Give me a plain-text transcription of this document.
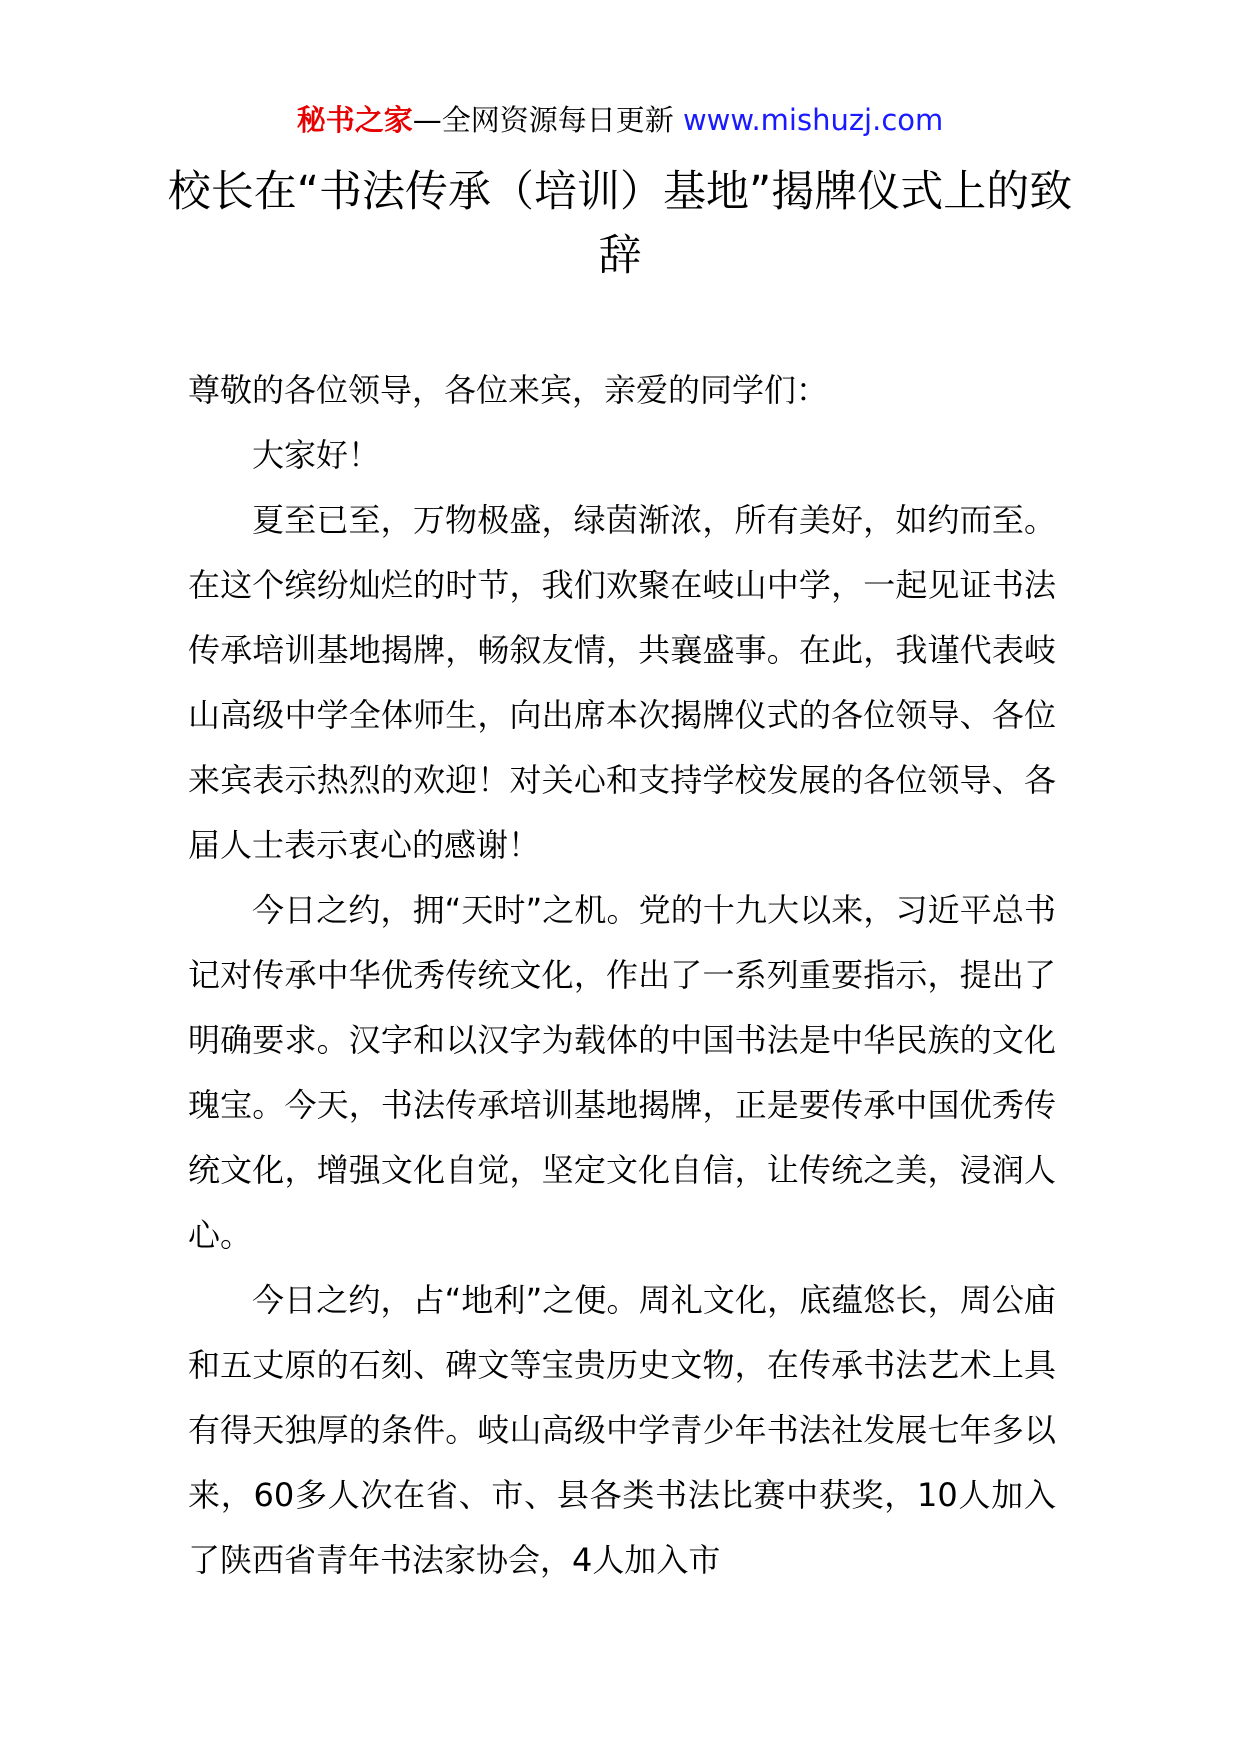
秘书之家—全网资源每日更新 www.mishuzj.com
校长在“书法传承（培训）基地”揭牌仪式上的致辞

尊敬的各位领导，各位来宾，亲爱的同学们：

大家好！

夏至已至，万物极盛，绿茵渐浓，所有美好，如约而至。在这个缤纷灿烂的时节，我们欢聚在岐山中学，一起见证书法传承培训基地揭牌，畅叙友情，共襄盛事。在此，我谨代表岐山高级中学全体师生，向出席本次揭牌仪式的各位领导、各位来宾表示热烈的欢迎！对关心和支持学校发展的各位领导、各届人士表示衷心的感谢！

今日之约，拥“天时”之机。党的十九大以来，习近平总书记对传承中华优秀传统文化，作出了一系列重要指示，提出了明确要求。汉字和以汉字为载体的中国书法是中华民族的文化瑰宝。今天，书法传承培训基地揭牌，正是要传承中国优秀传统文化，增强文化自觉，坚定文化自信，让传统之美，浸润人心。

今日之约，占“地利”之便。周礼文化，底蕴悠长，周公庙和五丈原的石刻、碑文等宝贵历史文物，在传承书法艺术上具有得天独厚的条件。岐山高级中学青少年书法社发展七年多以来，60多人次在省、市、县各类书法比赛中获奖，10人加入了陕西省青年书法家协会，4人加入市
